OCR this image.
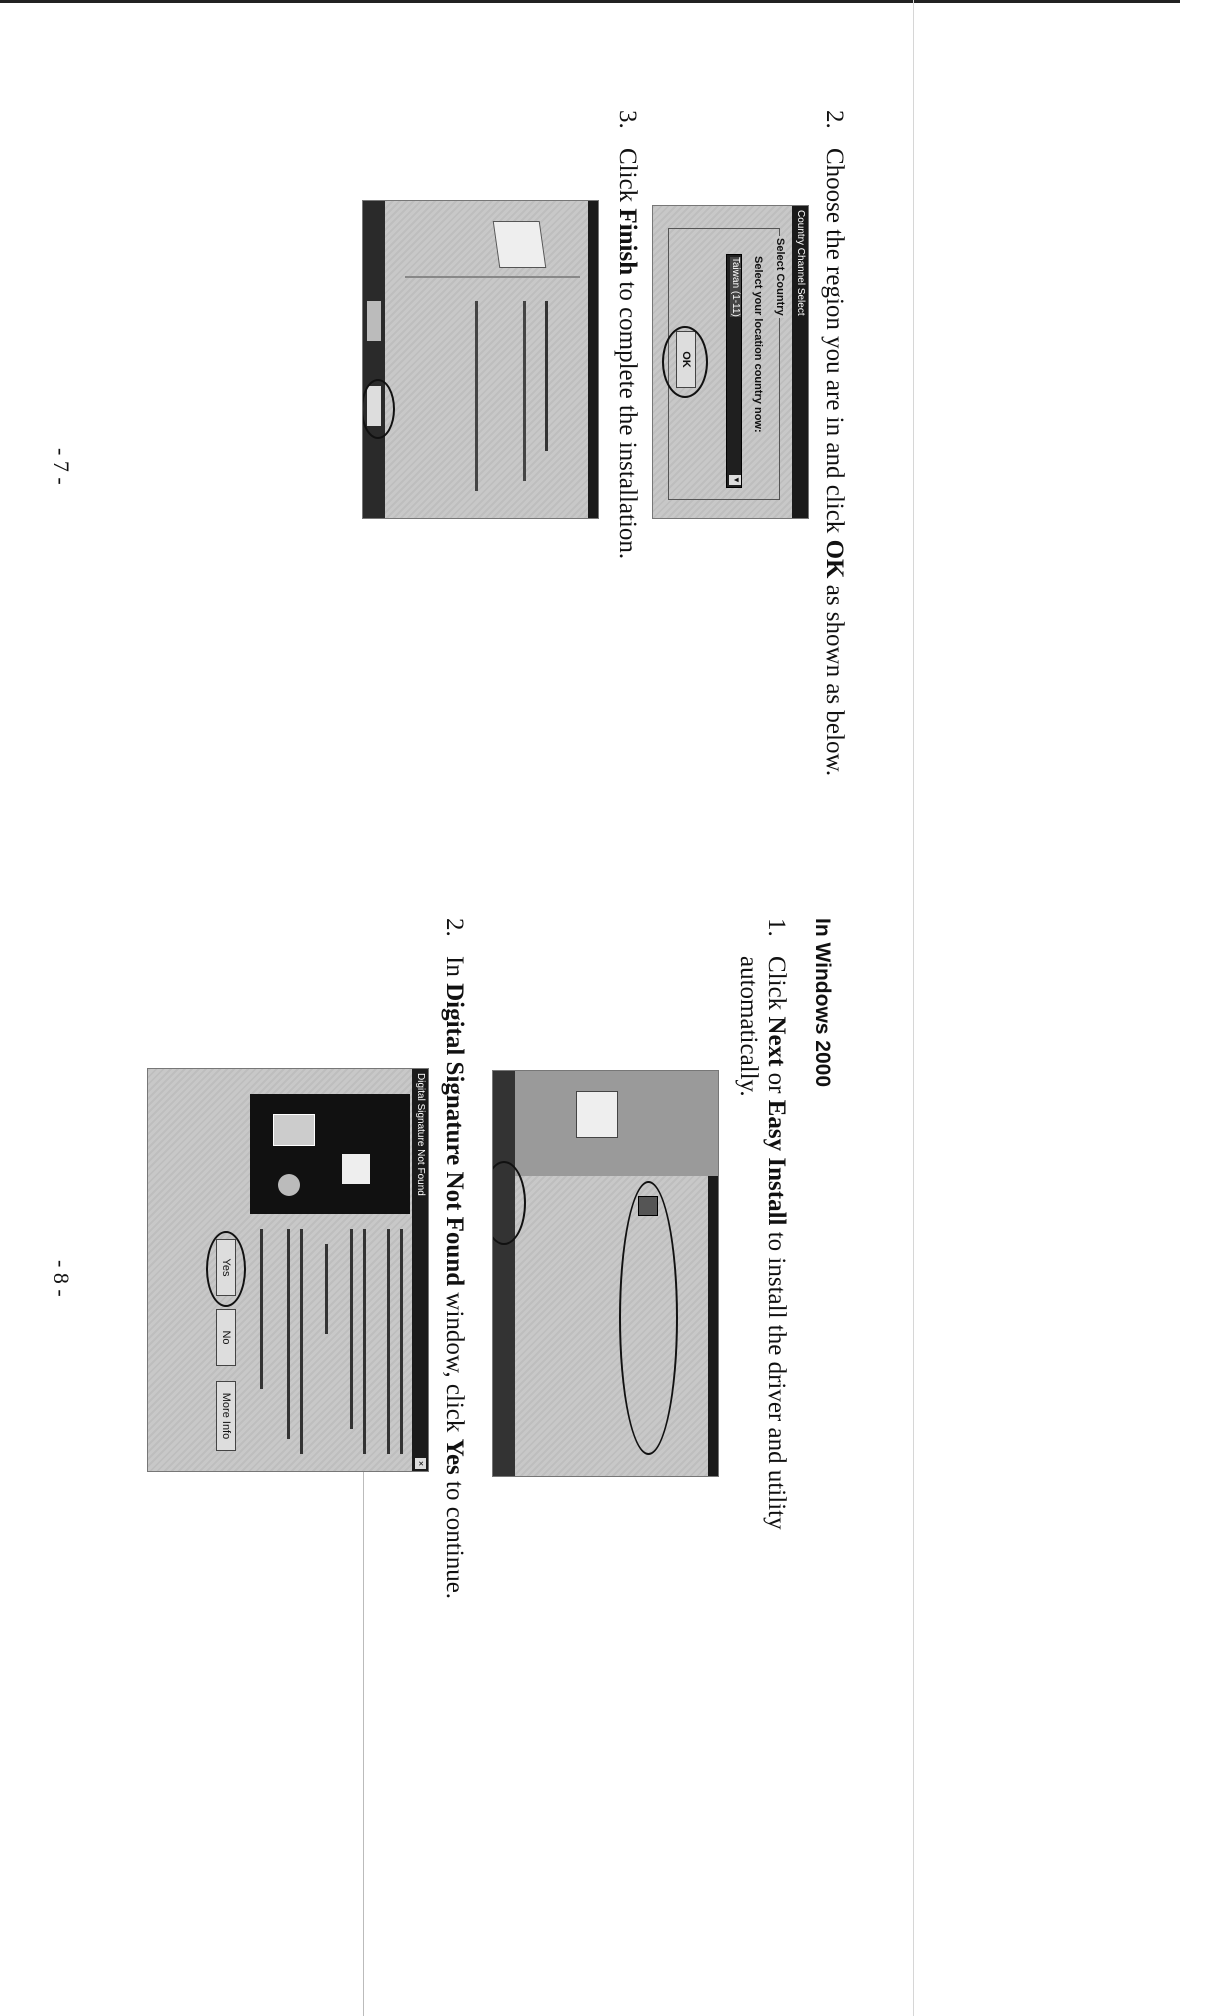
2.Choose the region you are in and click OK as shown as below.
Country Channel Select
Select Country
Select your location country now:
Taiwan (1-11)
▼
OK
3.Click Finish to complete the installation.
- 7 -
In Windows 2000
1.Click Next or Easy Install to install the driver and utility
automatically.
2.In Digital Signature Not Found window, click Yes to continue.
Digital Signature Not Found
×
Yes
No
More Info
- 8 -
